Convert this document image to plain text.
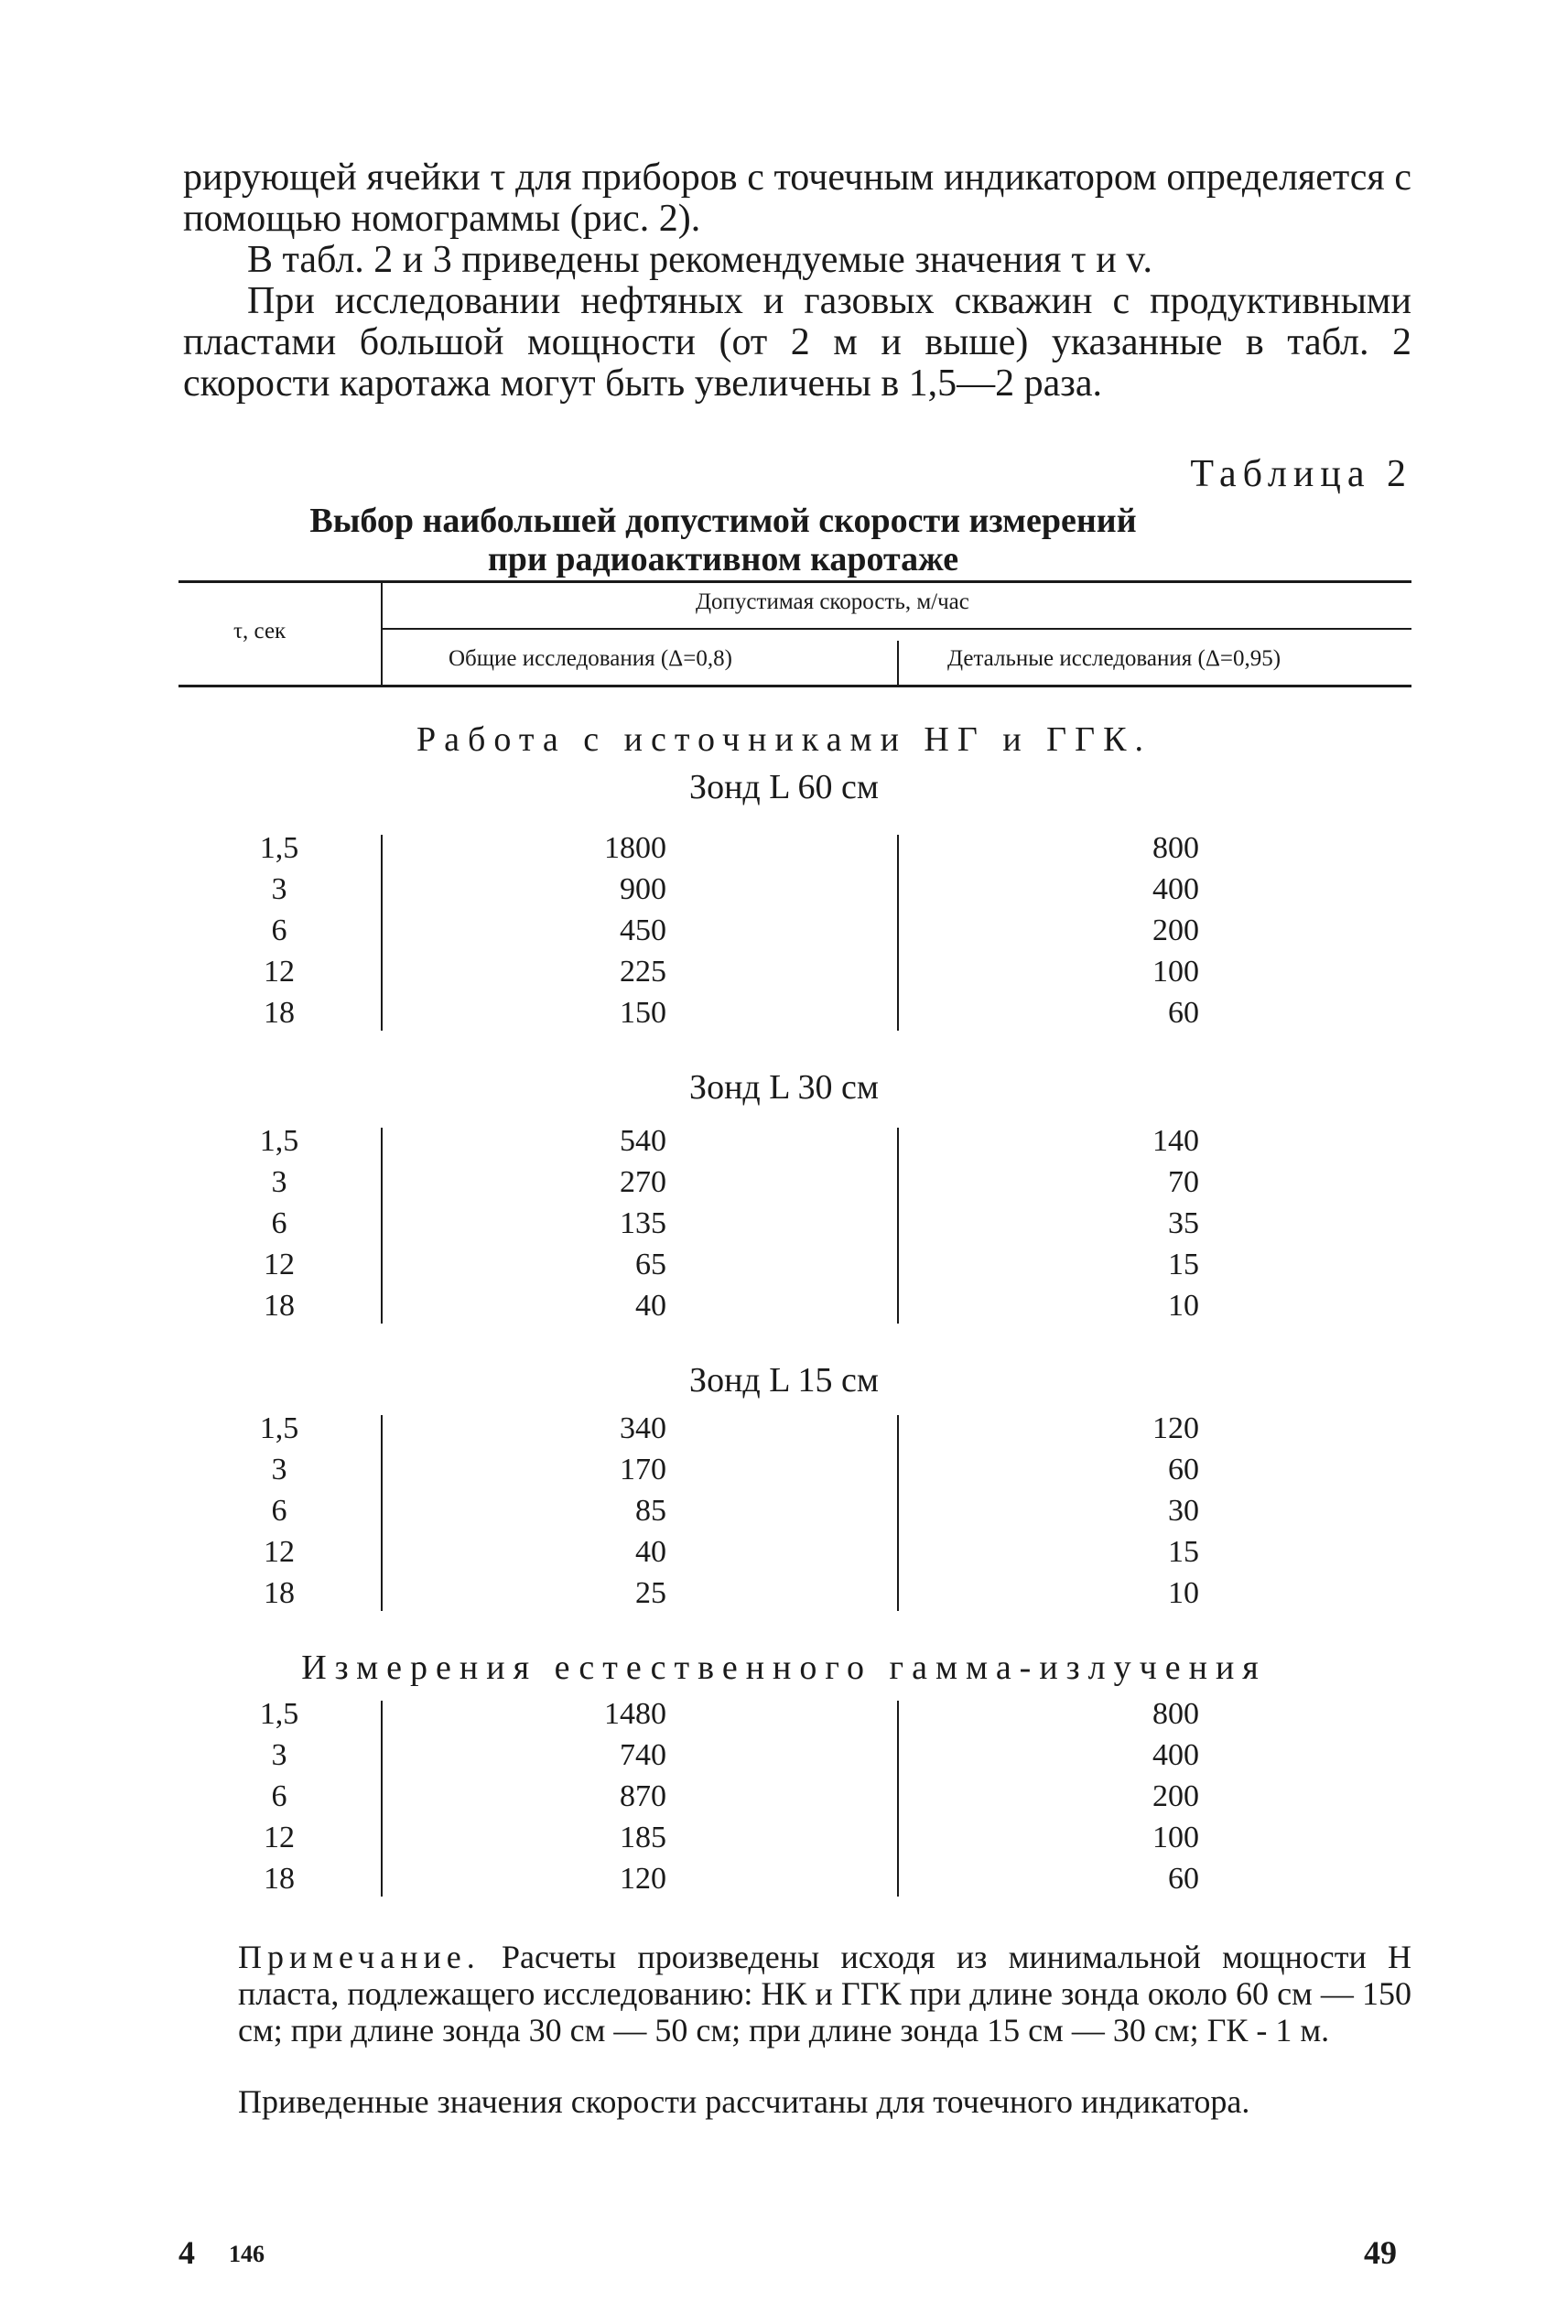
рирующей ячейки τ для приборов с точечным индикатором определяется с помощью номограммы (рис. 2).
В табл. 2 и 3 приведены рекомендуемые значения τ и v.
При исследовании нефтяных и газовых скважин с продуктивными пластами большой мощности (от 2 м и выше) указанные в табл. 2 скорости каротажа могут быть увеличены в 1,5—2 раза.
Таблица 2
Выбор наибольшей допустимой скорости измерений
при радиоактивном каротаже
τ, сек
Допустимая скорость, м/час
Общие исследования (Δ=0,8)	Детальные исследования (Δ=0,95)
Работа с источниками НГ и ГГК.
Зонд L 60 см
1,5	1800	800
3	900	400
6	450	200
12	225	100
18	150	60
Зонд L 30 см
1,5	540	140
3	270	70
6	135	35
12	65	15
18	40	10
Зонд L 15 см
1,5	340	120
3	170	60
6	85	30
12	40	15
18	25	10
Измерения естественного гамма-излучения
1,5	1480	800
3	740	400
6	870	200
12	185	100
18	120	60
Примечание. Расчеты произведены исходя из минимальной мощности H пласта, подлежащего исследованию: НК и ГГК при длине зонда около 60 см — 150 см; при длине зонда 30 см — 50 см; при длине зонда 15 см — 30 см; ГК - 1 м.
Приведенные значения скорости рассчитаны для точечного индикатора.
4 146	49
